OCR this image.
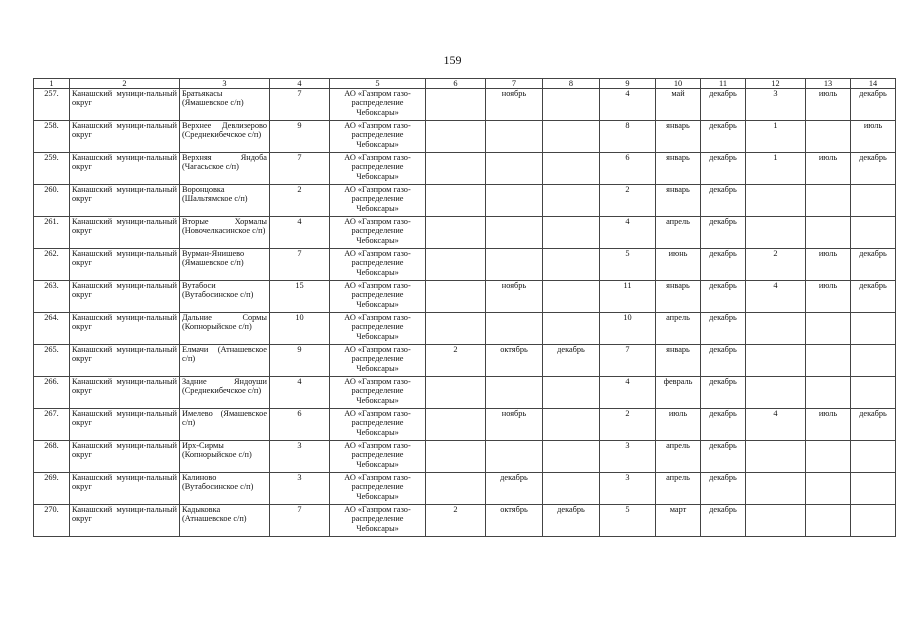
159
1	2	3	4	5	6	7	8	9	10	11	12	13	14
257.	Канашский муници-пальный округ	Братьякасы (Ямашевское с/п)	7	АО «Газпром газо-распределение Чебоксары»		ноябрь		4	май	декабрь	3	июль	декабрь
258.	Канашский муници-пальный округ	Верхнее Девлизерово (Среднекибечское с/п)	9	АО «Газпром газо-распределение Чебоксары»				8	январь	декабрь	1		июль
259.	Канашский муници-пальный округ	Верхняя Яндоба (Чагасьское с/п)	7	АО «Газпром газо-распределение Чебоксары»				6	январь	декабрь	1	июль	декабрь
260.	Канашский муници-пальный округ	Воронцовка (Шальтямское с/п)	2	АО «Газпром газо-распределение Чебоксары»				2	январь	декабрь			
261.	Канашский муници-пальный округ	Вторые Хормалы (Новочелкасинское с/п)	4	АО «Газпром газо-распределение Чебоксары»				4	апрель	декабрь			
262.	Канашский муници-пальный округ	Вурман-Янишево (Ямашевское с/п)	7	АО «Газпром газо-распределение Чебоксары»				5	июнь	декабрь	2	июль	декабрь
263.	Канашский муници-пальный округ	Вутабоси (Вутабосинское с/п)	15	АО «Газпром газо-распределение Чебоксары»		ноябрь		11	январь	декабрь	4	июль	декабрь
264.	Канашский муници-пальный округ	Дальние Сормы (Копнорыйское с/п)	10	АО «Газпром газо-распределение Чебоксары»				10	апрель	декабрь			
265.	Канашский муници-пальный округ	Елмачи (Атнашевское с/п)	9	АО «Газпром газо-распределение Чебоксары»	2	октябрь	декабрь	7	январь	декабрь			
266.	Канашский муници-пальный округ	Задние Яндоуши (Среднекибечское с/п)	4	АО «Газпром газо-распределение Чебоксары»				4	февраль	декабрь			
267.	Канашский муници-пальный округ	Имелево (Ямашевское с/п)	6	АО «Газпром газо-распределение Чебоксары»		ноябрь		2	июль	декабрь	4	июль	декабрь
268.	Канашский муници-пальный округ	Ирх-Сирмы (Копнорыйское с/п)	3	АО «Газпром газо-распределение Чебоксары»				3	апрель	декабрь			
269.	Канашский муници-пальный округ	Калиново (Вутабосинское с/п)	3	АО «Газпром газо-распределение Чебоксары»		декабрь		3	апрель	декабрь			
270.	Канашский муници-пальный округ	Кадыковка (Атнашевское с/п)	7	АО «Газпром газо-распределение Чебоксары»	2	октябрь	декабрь	5	март	декабрь			
